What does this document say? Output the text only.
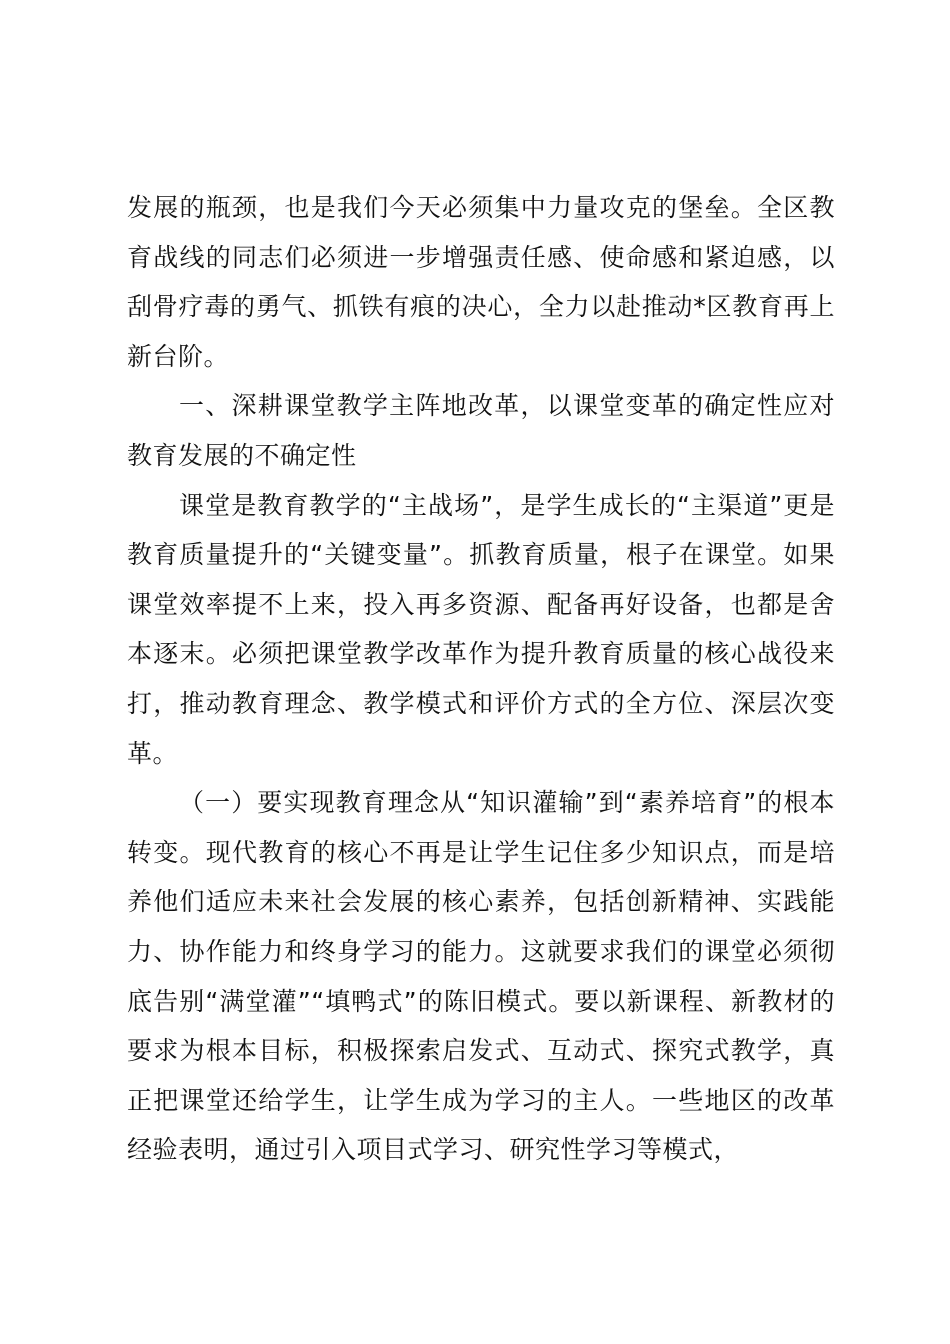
发展的瓶颈，也是我们今天必须集中力量攻克的堡垒。全区教育战线的同志们必须进一步增强责任感、使命感和紧迫感，以刮骨疗毒的勇气、抓铁有痕的决心，全力以赴推动*区教育再上新台阶。

一、深耕课堂教学主阵地改革，以课堂变革的确定性应对教育发展的不确定性

课堂是教育教学的“主战场”，是学生成长的“主渠道”更是教育质量提升的“关键变量”。抓教育质量，根子在课堂。如果课堂效率提不上来，投入再多资源、配备再好设备，也都是舍本逐末。必须把课堂教学改革作为提升教育质量的核心战役来打，推动教育理念、教学模式和评价方式的全方位、深层次变革。

（一）要实现教育理念从“知识灌输”到“素养培育”的根本转变。现代教育的核心不再是让学生记住多少知识点，而是培养他们适应未来社会发展的核心素养，包括创新精神、实践能力、协作能力和终身学习的能力。这就要求我们的课堂必须彻底告别“满堂灌”“填鸭式”的陈旧模式。要以新课程、新教材的要求为根本目标，积极探索启发式、互动式、探究式教学，真正把课堂还给学生，让学生成为学习的主人。一些地区的改革经验表明，通过引入项目式学习、研究性学习等模式，
